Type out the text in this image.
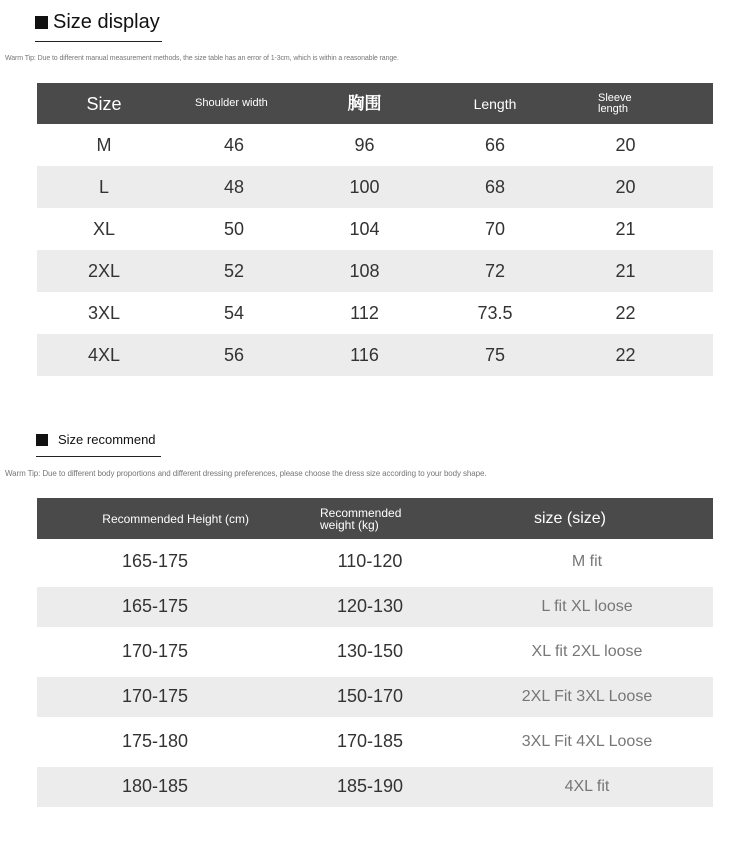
Size display
Warm Tip: Due to different manual measurement methods, the size table has an error of 1-3cm, which is within a reasonable range.
Size	Shoulder width	胸围	Length	Sleeve length
M	46	96	66	20
L	48	100	68	20
XL	50	104	70	21
2XL	52	108	72	21
3XL	54	112	73.5	22
4XL	56	116	75	22
Size recommend
Warm Tip: Due to different body proportions and different dressing preferences, please choose the dress size according to your body shape.
Recommended Height (cm)	Recommended weight (kg)	size (size)
165-175	110-120	M fit
165-175	120-130	L fit XL loose
170-175	130-150	XL fit 2XL loose
170-175	150-170	2XL Fit 3XL Loose
175-180	170-185	3XL Fit 4XL Loose
180-185	185-190	4XL fit
